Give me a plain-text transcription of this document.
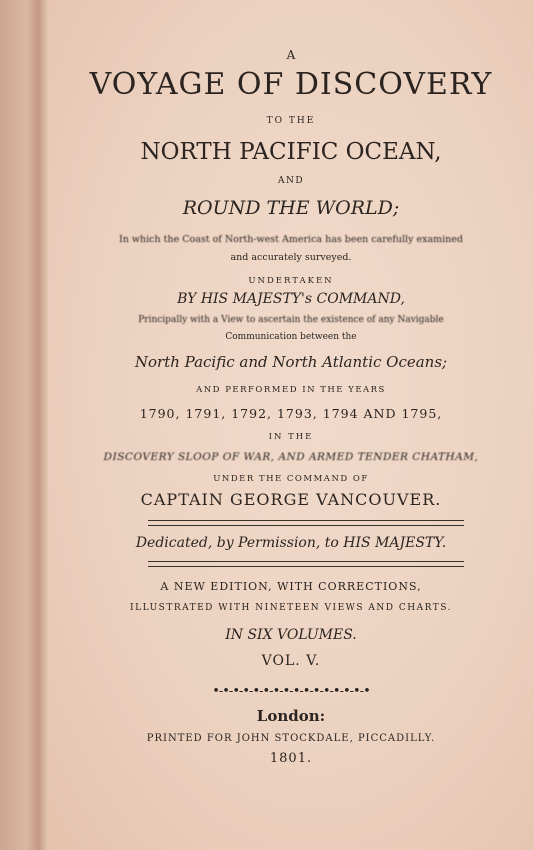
A
VOYAGE OF DISCOVERY
TO THE
NORTH PACIFIC OCEAN,
AND
ROUND THE WORLD;
In which the Coast of North-west America has been carefully examined
and accurately surveyed.
UNDERTAKEN
BY HIS MAJESTY's COMMAND,
Principally with a View to ascertain the existence of any Navigable
Communication between the
North Pacific and North Atlantic Oceans;
AND PERFORMED IN THE YEARS
1790, 1791, 1792, 1793, 1794 AND 1795,
IN THE
DISCOVERY SLOOP OF WAR, AND ARMED TENDER CHATHAM,
UNDER THE COMMAND OF
CAPTAIN GEORGE VANCOUVER.
Dedicated, by Permission, to HIS MAJESTY.
A NEW EDITION, WITH CORRECTIONS,
ILLUSTRATED WITH NINETEEN VIEWS AND CHARTS.
IN SIX VOLUMES.
VOL. V.
•-•-•-•-•-•-•-•-•-•-•-•-•-•-•-•
London:
PRINTED FOR JOHN STOCKDALE, PICCADILLY.
1801.
